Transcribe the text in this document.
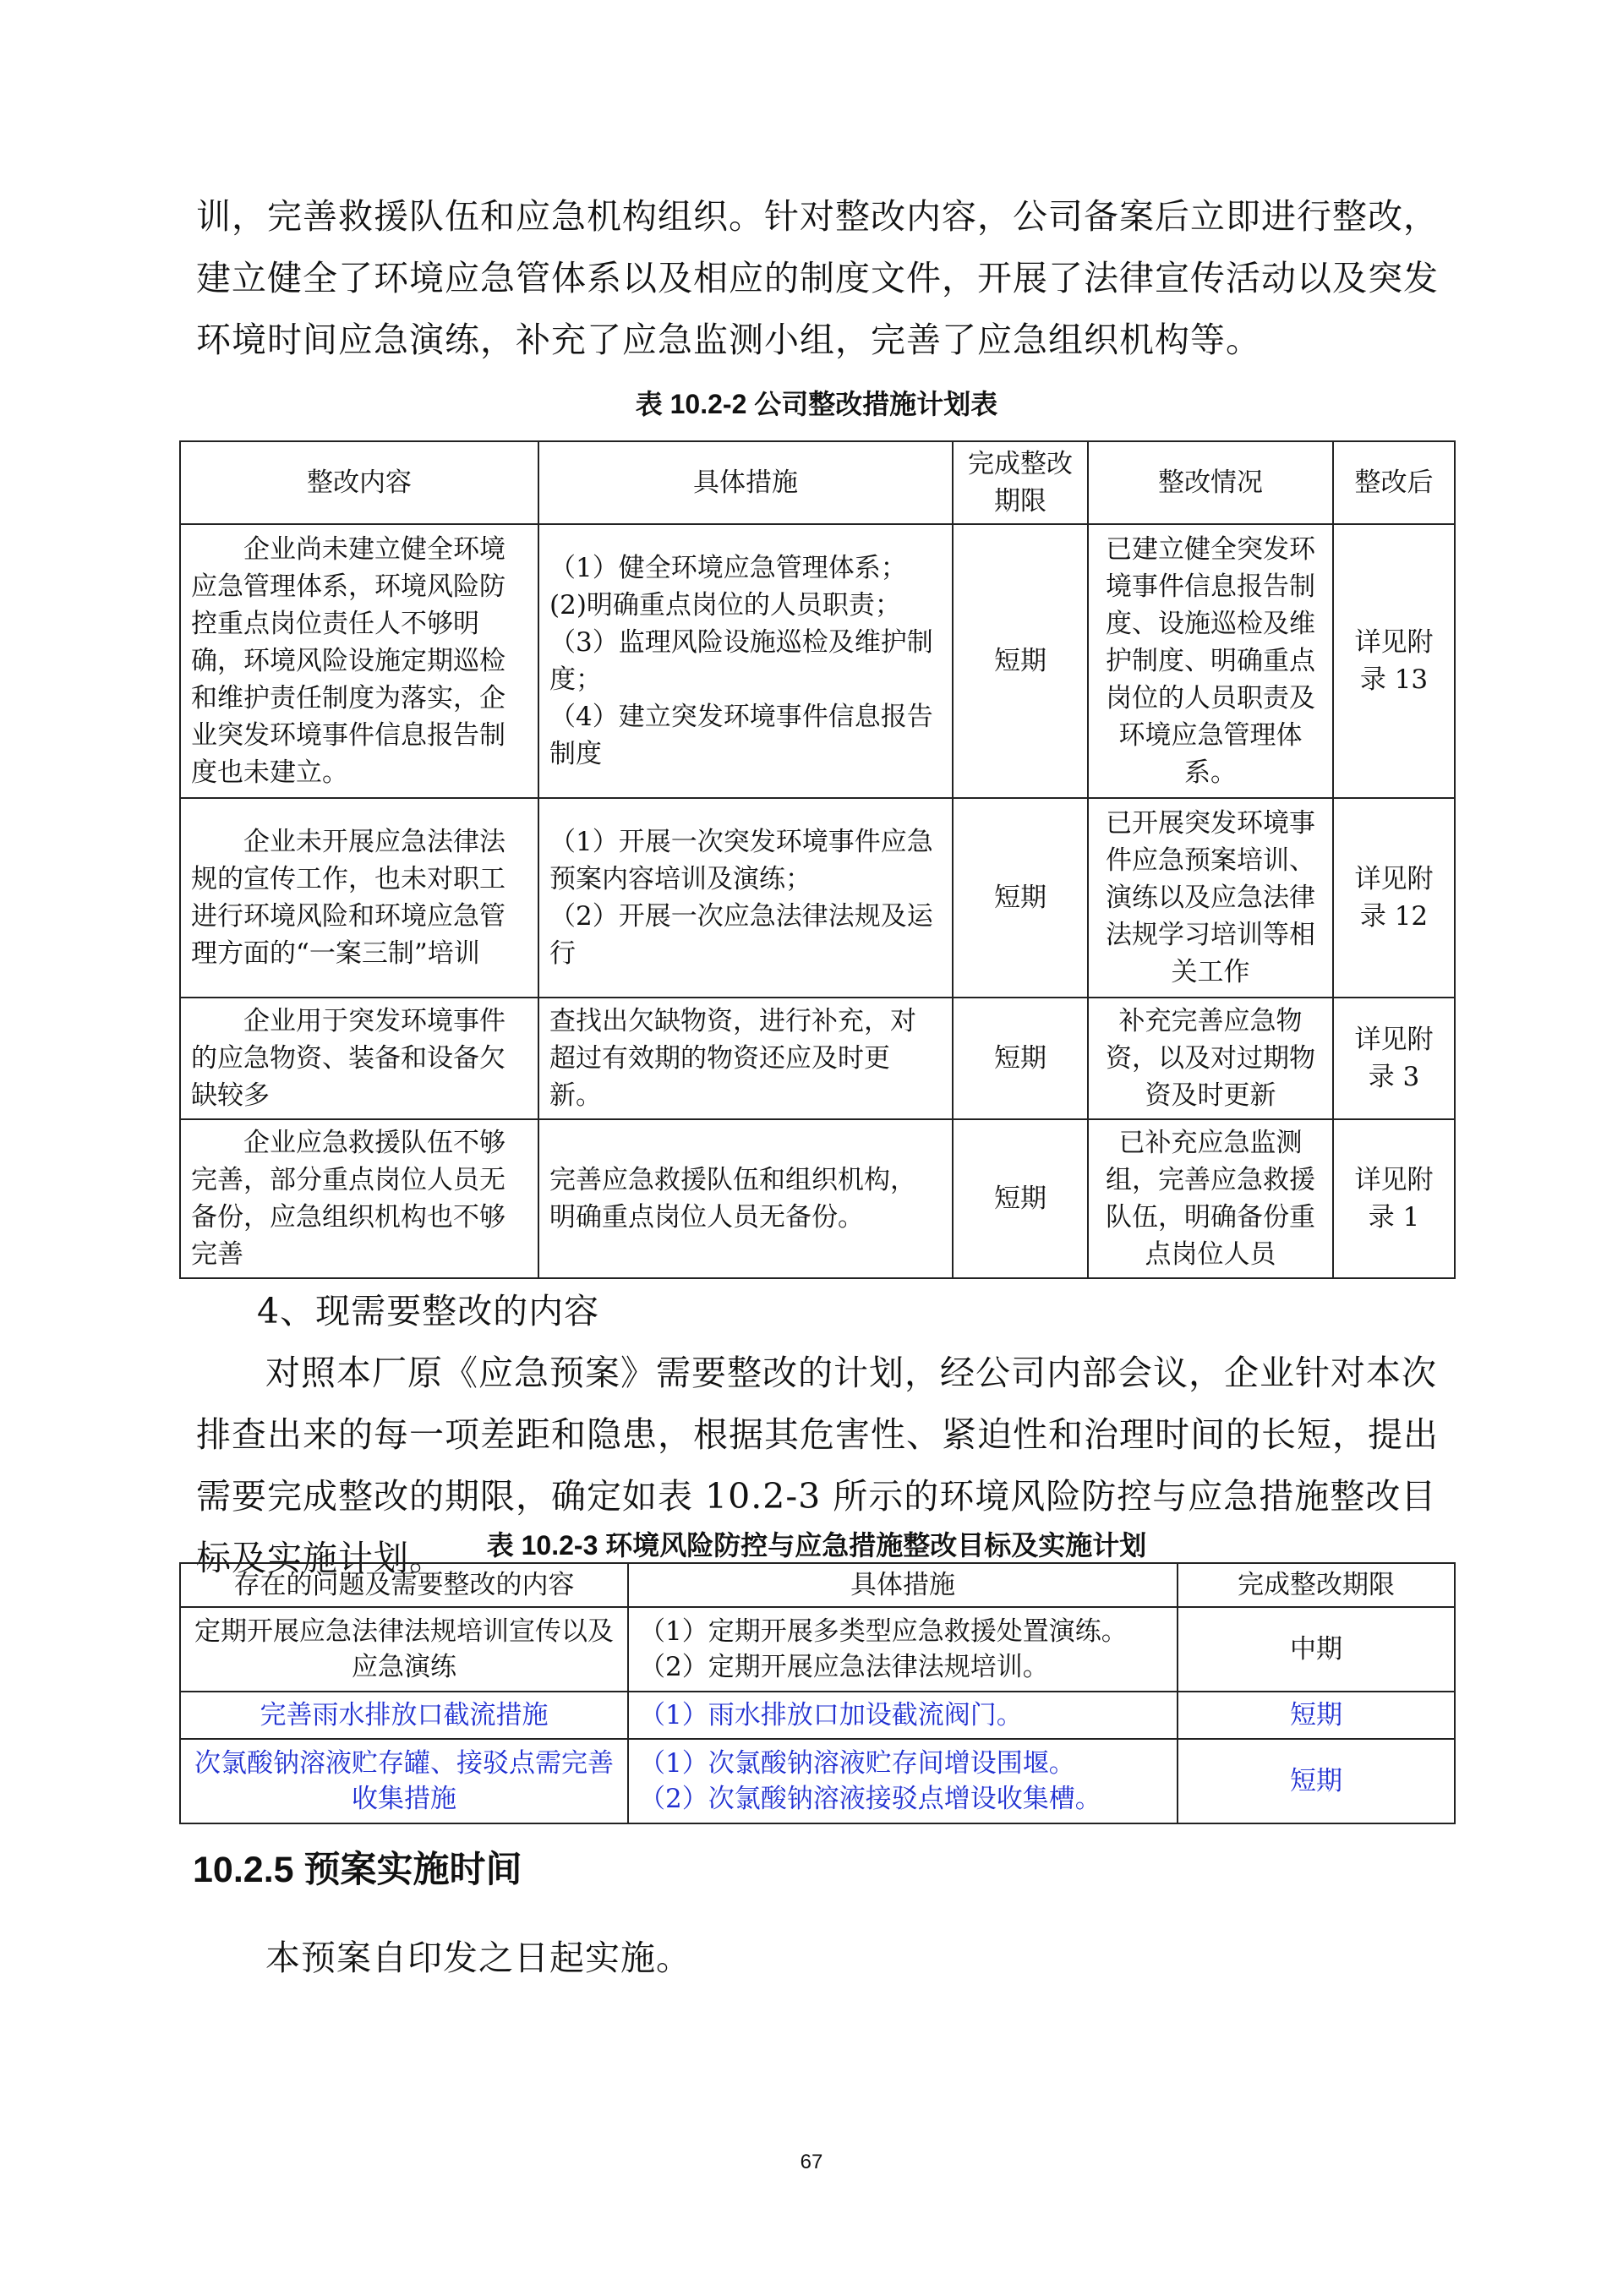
训，完善救援队伍和应急机构组织。针对整改内容，公司备案后立即进行整改，建立健全了环境应急管体系以及相应的制度文件，开展了法律宣传活动以及突发环境时间应急演练，补充了应急监测小组，完善了应急组织机构等。

表 10.2-2 公司整改措施计划表
整改内容	具体措施	完成整改期限	整改情况	整改后
企业尚未建立健全环境应急管理体系，环境风险防控重点岗位责任人不够明确，环境风险设施定期巡检和维护责任制度为落实，企业突发环境事件信息报告制度也未建立。	（1）健全环境应急管理体系；
(2)明确重点岗位的人员职责；
（3）监理风险设施巡检及维护制度；
（4）建立突发环境事件信息报告制度	短期	已建立健全突发环境事件信息报告制度、设施巡检及维护制度、明确重点岗位的人员职责及环境应急管理体系。	详见附录 13
企业未开展应急法律法规的宣传工作，也未对职工进行环境风险和环境应急管理方面的“一案三制”培训	（1）开展一次突发环境事件应急预案内容培训及演练；
（2）开展一次应急法律法规及运行	短期	已开展突发环境事件应急预案培训、演练以及应急法律法规学习培训等相关工作	详见附录 12
企业用于突发环境事件的应急物资、装备和设备欠缺较多	查找出欠缺物资，进行补充，对超过有效期的物资还应及时更新。	短期	补充完善应急物资，以及对过期物资及时更新	详见附录 3
企业应急救援队伍不够完善，部分重点岗位人员无备份，应急组织机构也不够完善	完善应急救援队伍和组织机构，明确重点岗位人员无备份。	短期	已补充应急监测组，完善应急救援队伍，明确备份重点岗位人员	详见附录 1

4、现需要整改的内容

对照本厂原《应急预案》需要整改的计划，经公司内部会议，企业针对本次排查出来的每一项差距和隐患，根据其危害性、紧迫性和治理时间的长短，提出需要完成整改的期限，确定如表 10.2-3 所示的环境风险防控与应急措施整改目标及实施计划。	表 10.2-3 环境风险防控与应急措施整改目标及实施计划
存在的问题及需要整改的内容	具体措施	完成整改期限
定期开展应急法律法规培训宣传以及应急演练	（1）定期开展多类型应急救援处置演练。
（2）定期开展应急法律法规培训。	中期
完善雨水排放口截流措施	（1）雨水排放口加设截流阀门。	短期
次氯酸钠溶液贮存罐、接驳点需完善收集措施	（1）次氯酸钠溶液贮存间增设围堰。
（2）次氯酸钠溶液接驳点增设收集槽。	短期
10.2.5 预案实施时间

本预案自印发之日起实施。

67
